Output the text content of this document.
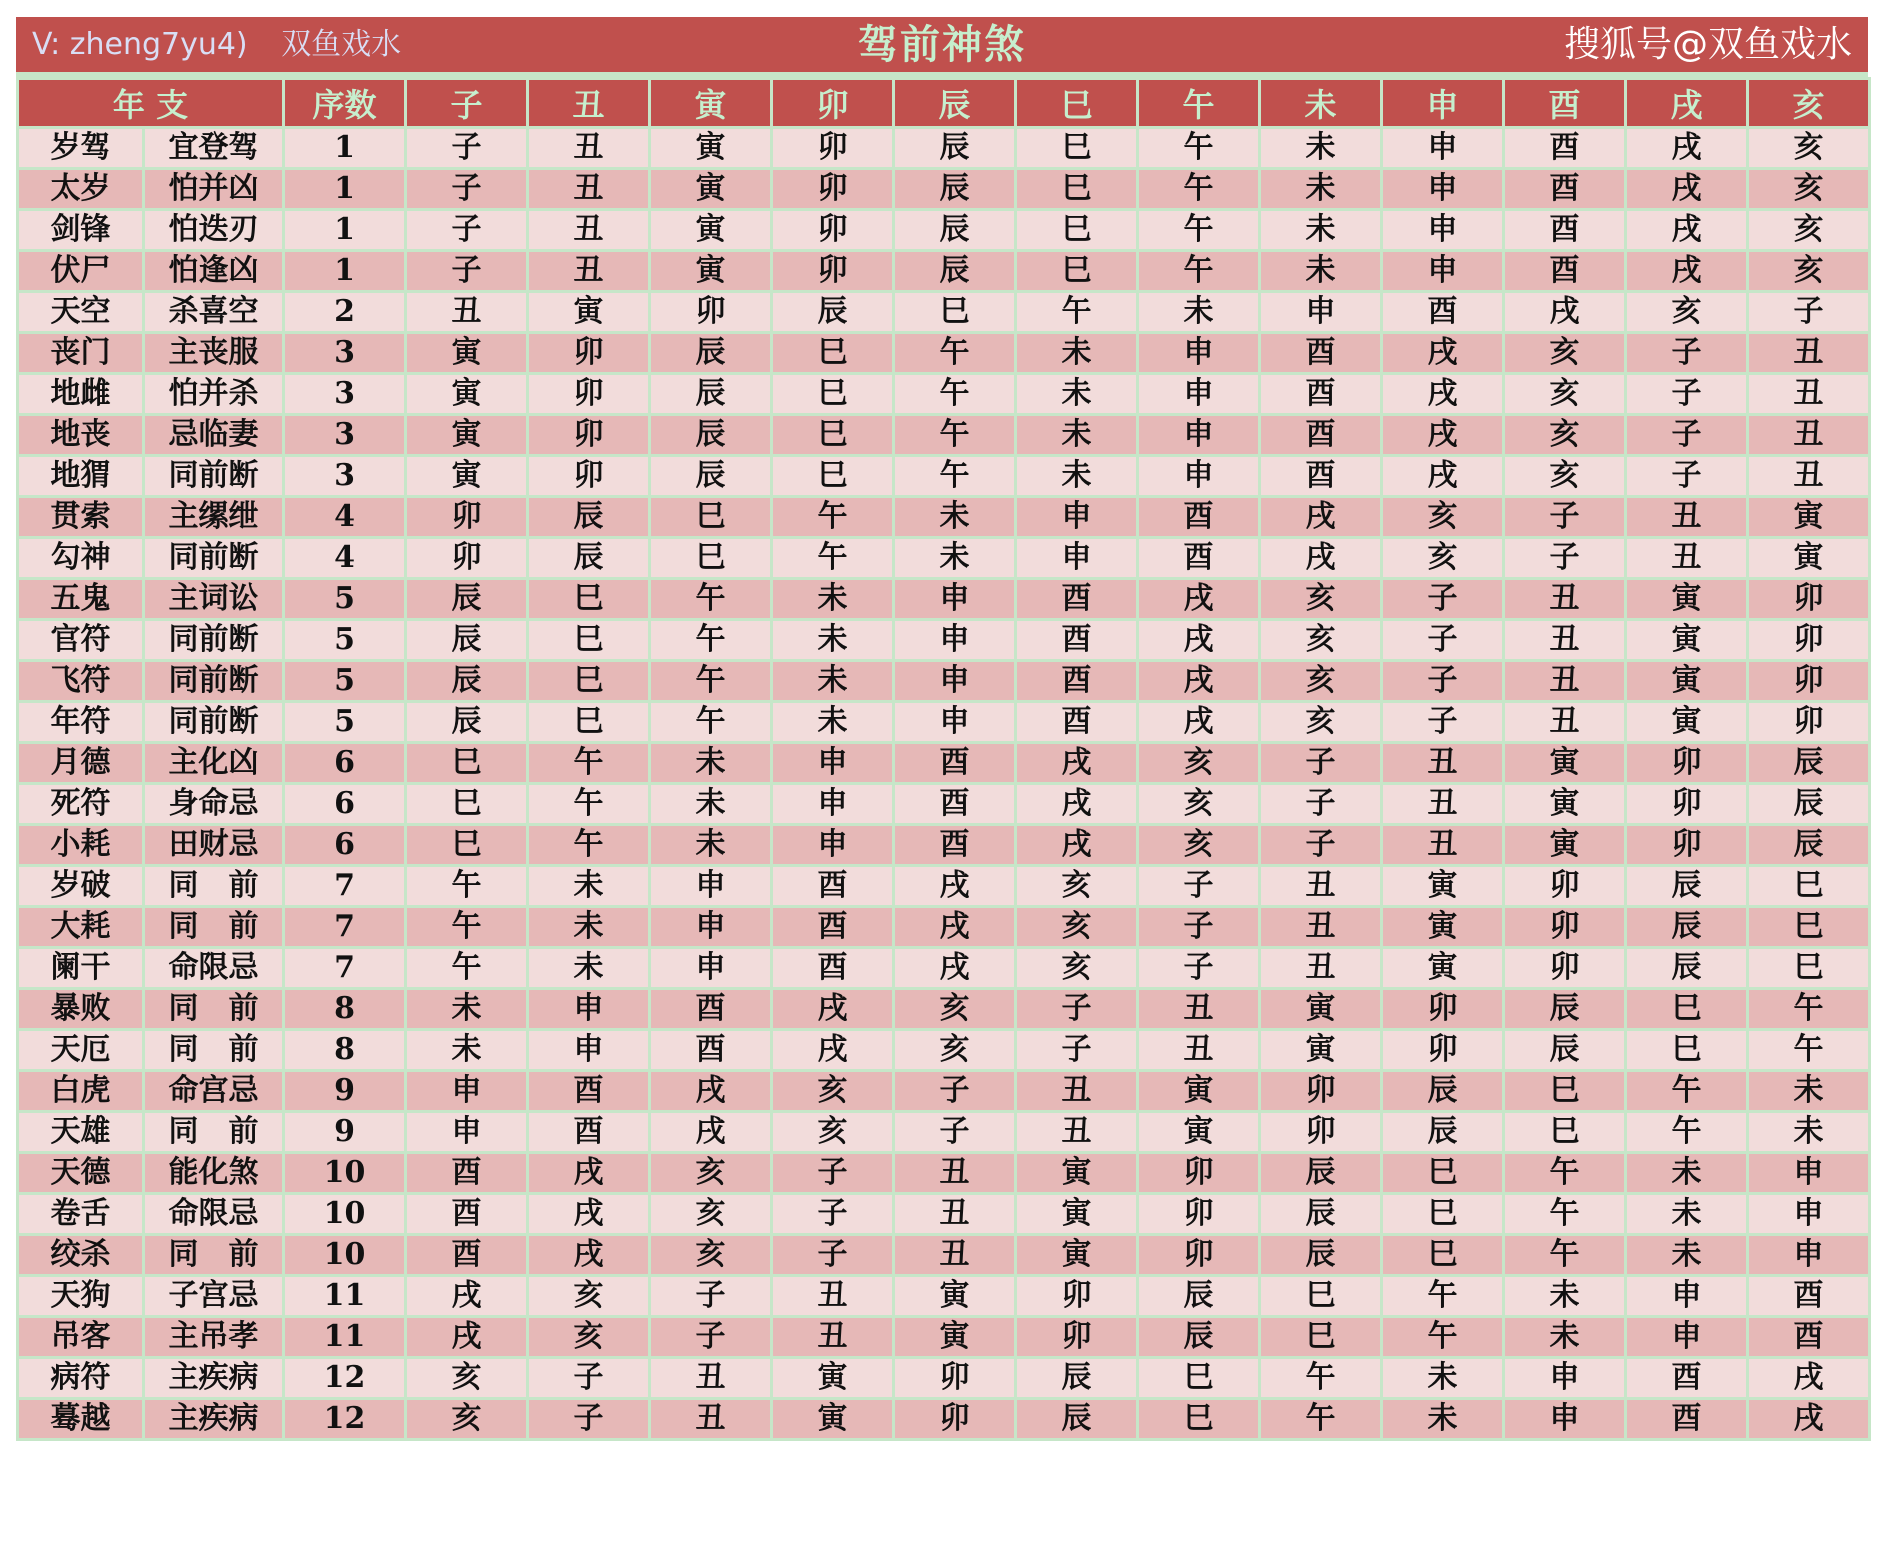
V: zheng7yu4) 双鱼戏水	驾前神煞	搜狐号@双鱼戏水
年 支		序数	子	丑	寅	卯	辰	巳	午	未	申	酉	戌	亥
岁驾	宜登驾	1	子	丑	寅	卯	辰	巳	午	未	申	酉	戌	亥
太岁	怕并凶	1	子	丑	寅	卯	辰	巳	午	未	申	酉	戌	亥
剑锋	怕迭刃	1	子	丑	寅	卯	辰	巳	午	未	申	酉	戌	亥
伏尸	怕逢凶	1	子	丑	寅	卯	辰	巳	午	未	申	酉	戌	亥
天空	杀喜空	2	丑	寅	卯	辰	巳	午	未	申	酉	戌	亥	子
丧门	主丧服	3	寅	卯	辰	巳	午	未	申	酉	戌	亥	子	丑
地雌	怕并杀	3	寅	卯	辰	巳	午	未	申	酉	戌	亥	子	丑
地丧	忌临妻	3	寅	卯	辰	巳	午	未	申	酉	戌	亥	子	丑
地猬	同前断	3	寅	卯	辰	巳	午	未	申	酉	戌	亥	子	丑
贯索	主缧绁	4	卯	辰	巳	午	未	申	酉	戌	亥	子	丑	寅
勾神	同前断	4	卯	辰	巳	午	未	申	酉	戌	亥	子	丑	寅
五鬼	主词讼	5	辰	巳	午	未	申	酉	戌	亥	子	丑	寅	卯
官符	同前断	5	辰	巳	午	未	申	酉	戌	亥	子	丑	寅	卯
飞符	同前断	5	辰	巳	午	未	申	酉	戌	亥	子	丑	寅	卯
年符	同前断	5	辰	巳	午	未	申	酉	戌	亥	子	丑	寅	卯
月德	主化凶	6	巳	午	未	申	酉	戌	亥	子	丑	寅	卯	辰
死符	身命忌	6	巳	午	未	申	酉	戌	亥	子	丑	寅	卯	辰
小耗	田财忌	6	巳	午	未	申	酉	戌	亥	子	丑	寅	卯	辰
岁破	同　前	7	午	未	申	酉	戌	亥	子	丑	寅	卯	辰	巳
大耗	同　前	7	午	未	申	酉	戌	亥	子	丑	寅	卯	辰	巳
阑干	命限忌	7	午	未	申	酉	戌	亥	子	丑	寅	卯	辰	巳
暴败	同　前	8	未	申	酉	戌	亥	子	丑	寅	卯	辰	巳	午
天厄	同　前	8	未	申	酉	戌	亥	子	丑	寅	卯	辰	巳	午
白虎	命宫忌	9	申	酉	戌	亥	子	丑	寅	卯	辰	巳	午	未
天雄	同　前	9	申	酉	戌	亥	子	丑	寅	卯	辰	巳	午	未
天德	能化煞	10	酉	戌	亥	子	丑	寅	卯	辰	巳	午	未	申
卷舌	命限忌	10	酉	戌	亥	子	丑	寅	卯	辰	巳	午	未	申
绞杀	同　前	10	酉	戌	亥	子	丑	寅	卯	辰	巳	午	未	申
天狗	子宫忌	11	戌	亥	子	丑	寅	卯	辰	巳	午	未	申	酉
吊客	主吊孝	11	戌	亥	子	丑	寅	卯	辰	巳	午	未	申	酉
病符	主疾病	12	亥	子	丑	寅	卯	辰	巳	午	未	申	酉	戌
蓦越	主疾病	12	亥	子	丑	寅	卯	辰	巳	午	未	申	酉	戌
